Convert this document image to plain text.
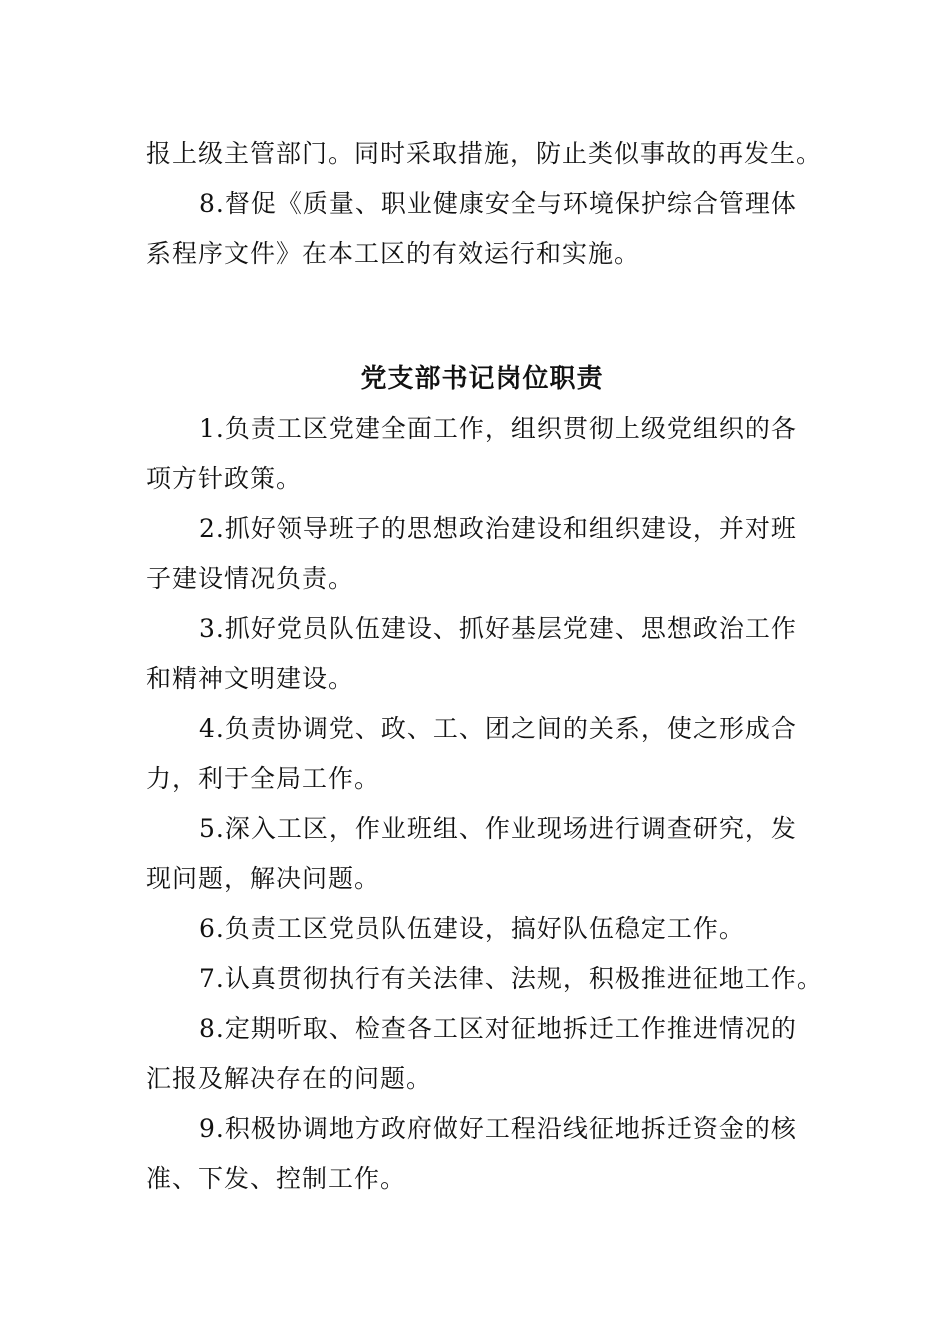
报上级主管部门。同时采取措施，防止类似事故的再发生。
8.督促《质量、职业健康安全与环境保护综合管理体
系程序文件》在本工区的有效运行和实施。
党支部书记岗位职责
1.负责工区党建全面工作，组织贯彻上级党组织的各
项方针政策。
2.抓好领导班子的思想政治建设和组织建设，并对班
子建设情况负责。
3.抓好党员队伍建设、抓好基层党建、思想政治工作
和精神文明建设。
4.负责协调党、政、工、团之间的关系，使之形成合
力，利于全局工作。
5.深入工区，作业班组、作业现场进行调查研究，发
现问题，解决问题。
6.负责工区党员队伍建设，搞好队伍稳定工作。
7.认真贯彻执行有关法律、法规，积极推进征地工作。
8.定期听取、检查各工区对征地拆迁工作推进情况的
汇报及解决存在的问题。
9.积极协调地方政府做好工程沿线征地拆迁资金的核
准、下发、控制工作。
